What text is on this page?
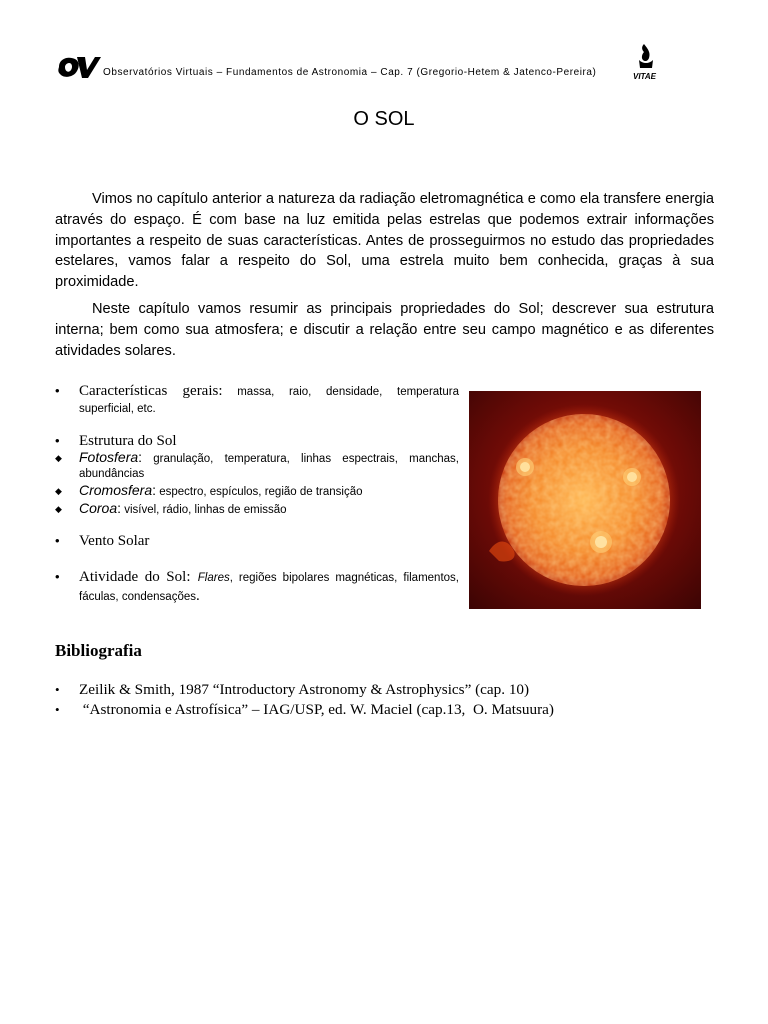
Observatórios Virtuais – Fundamentos de Astronomia – Cap. 7 (Gregorio-Hetem & Jatenco-Pereira)	VITAE
O SOL

Vimos no capítulo anterior a natureza da radiação eletromagnética e como ela transfere energia através do espaço. É com base na luz emitida pelas estrelas que podemos extrair informações importantes a respeito de suas características. Antes de prosseguirmos no estudo das propriedades estelares, vamos falar a respeito do Sol, uma estrela muito bem conhecida, graças à sua proximidade.

Neste capítulo vamos resumir as principais propriedades do Sol; descrever sua estrutura interna; bem como sua atmosfera; e discutir a relação entre seu campo magnético e as diferentes atividades solares.

• Características gerais: massa, raio, densidade, temperatura superficial, etc.
• Estrutura do Sol
◆ Fotosfera: granulação, temperatura, linhas espectrais, manchas, abundâncias
◆ Cromosfera: espectro, espículos, região de transição
◆ Coroa: visível, rádio, linhas de emissão
• Vento Solar
• Atividade do Sol: Flares, regiões bipolares magnéticas, filamentos, fáculas, condensações.
Bibliografia
• Zeilik & Smith, 1987 “Introductory Astronomy & Astrophysics” (cap. 10)
• “Astronomia e Astrofísica” – IAG/USP, ed. W. Maciel (cap.13,  O. Matsuura)
